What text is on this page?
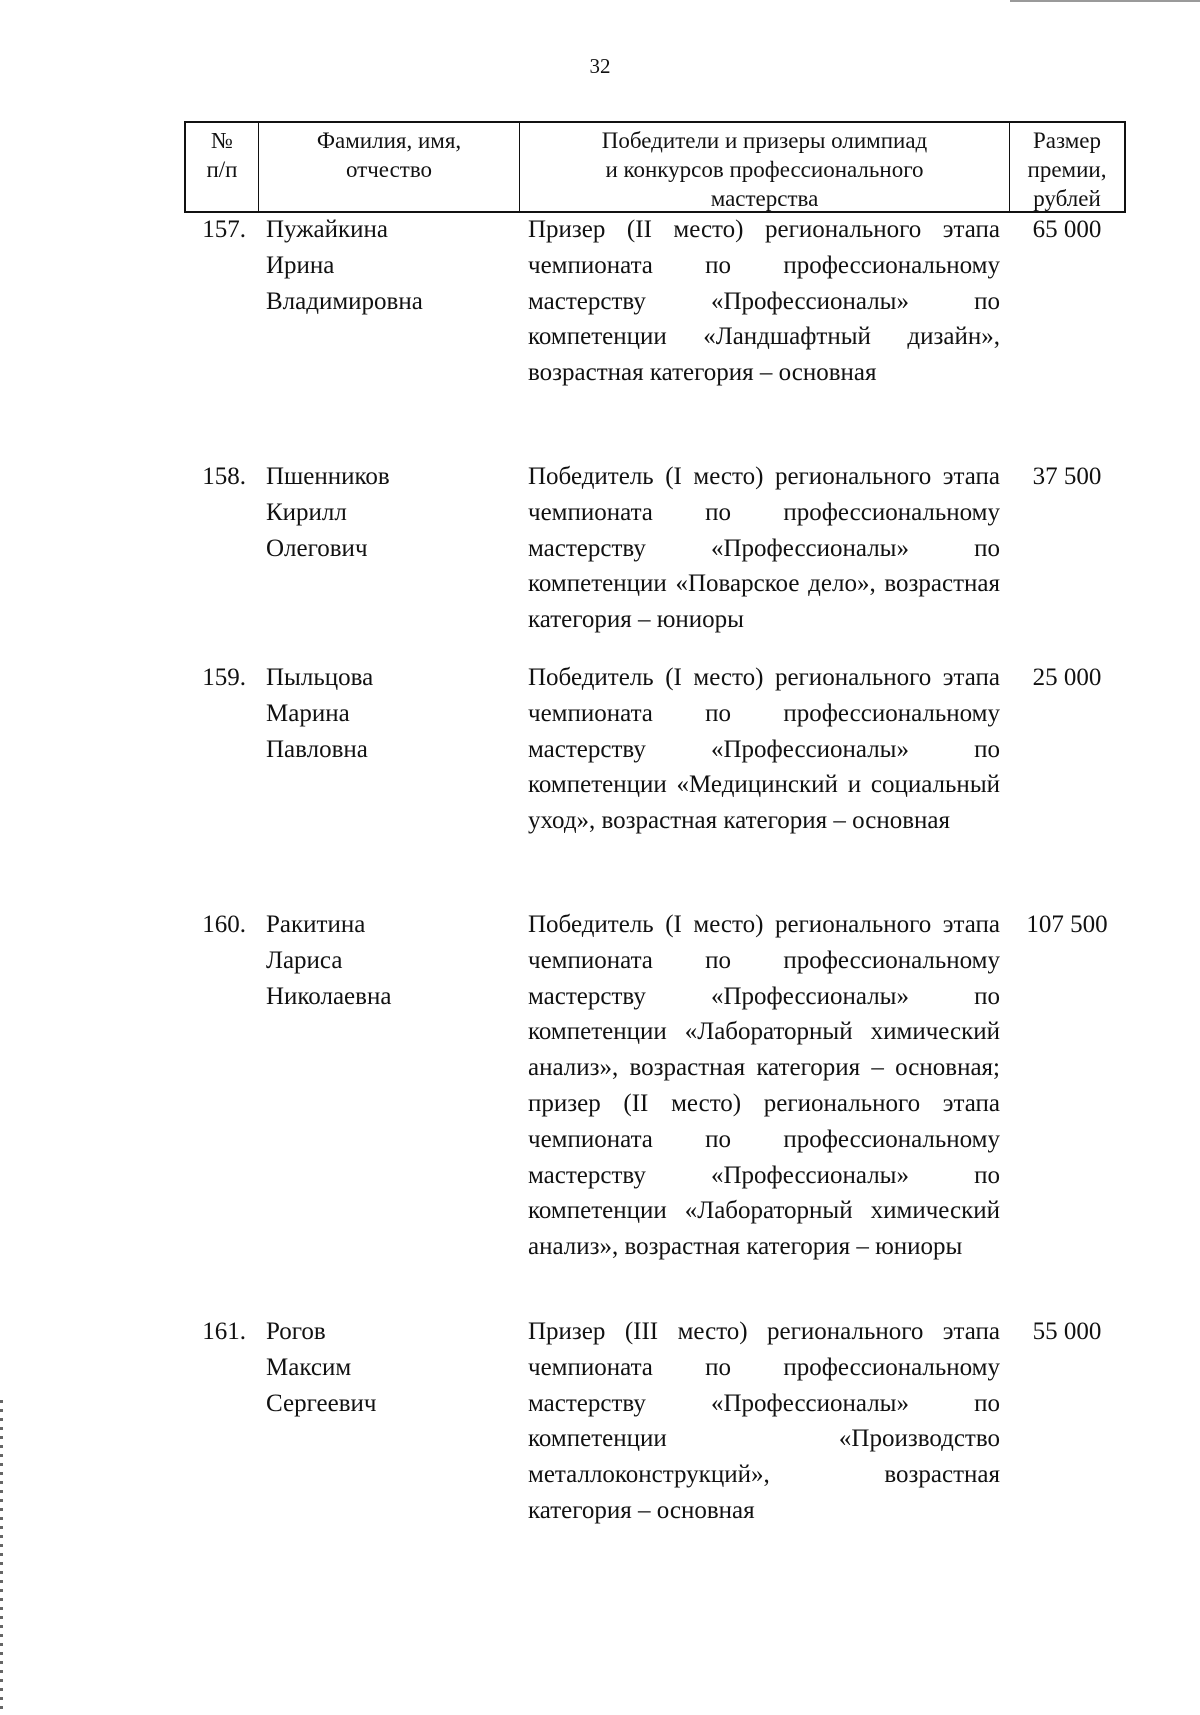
32
№
п/п
Фамилия, имя,
отчество
Победители и призеры олимпиад
и конкурсов профессионального
мастерства
Размер
премии,
рублей
157. Пужайкина
Ирина
Владимировна
Призер (II место) регионального этапа чемпионата по профессиональному мастерству «Профессионалы» по компетенции «Ландшафтный дизайн», возрастная категория – основная
65 000
158. Пшенников
Кирилл
Олегович
Победитель (I место) регионального этапа чемпионата по профессиональному мастерству «Профессионалы» по компетенции «Поварское дело», возрастная категория – юниоры
37 500
159. Пыльцова
Марина
Павловна
Победитель (I место) регионального этапа чемпионата по профессиональному мастерству «Профессионалы» по компетенции «Медицинский и социальный уход», возрастная категория – основная
25 000
160. Ракитина
Лариса
Николаевна
Победитель (I место) регионального этапа чемпионата по профессиональному мастерству «Профессионалы» по компетенции «Лабораторный химический анализ», возрастная категория – основная; призер (II место) регионального этапа чемпионата по профессиональному мастерству «Профессионалы» по компетенции «Лабораторный химический анализ», возрастная категория – юниоры
107 500
161. Рогов
Максим
Сергеевич
Призер (III место) регионального этапа чемпионата по профессиональному мастерству «Профессионалы» по компетенции «Производство металлоконструкций», возрастная категория – основная
55 000
